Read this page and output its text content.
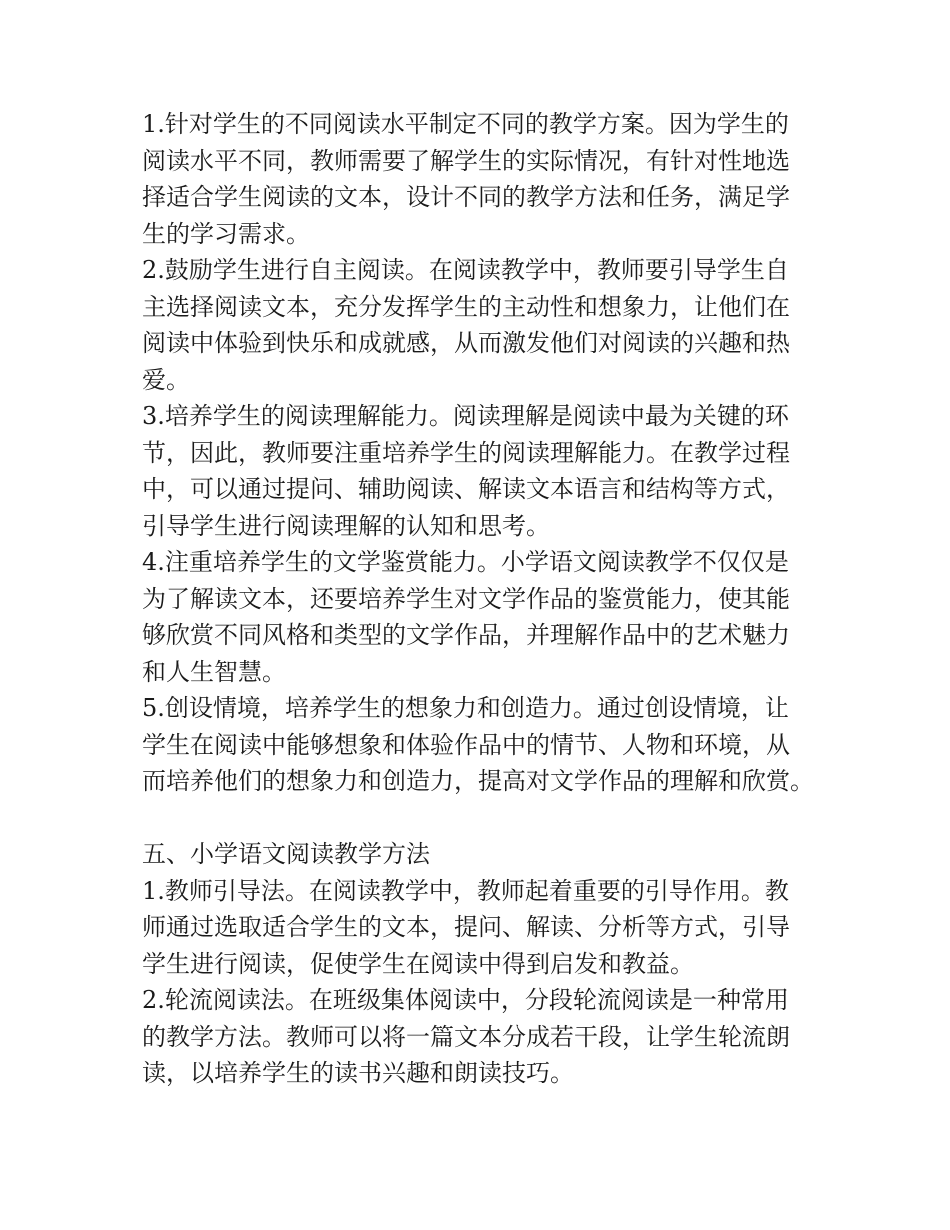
1.针对学生的不同阅读水平制定不同的教学方案。因为学生的
阅读水平不同，教师需要了解学生的实际情况，有针对性地选
择适合学生阅读的文本，设计不同的教学方法和任务，满足学
生的学习需求。
2.鼓励学生进行自主阅读。在阅读教学中，教师要引导学生自
主选择阅读文本，充分发挥学生的主动性和想象力，让他们在
阅读中体验到快乐和成就感，从而激发他们对阅读的兴趣和热
爱。
3.培养学生的阅读理解能力。阅读理解是阅读中最为关键的环
节，因此，教师要注重培养学生的阅读理解能力。在教学过程
中，可以通过提问、辅助阅读、解读文本语言和结构等方式，
引导学生进行阅读理解的认知和思考。
4.注重培养学生的文学鉴赏能力。小学语文阅读教学不仅仅是
为了解读文本，还要培养学生对文学作品的鉴赏能力，使其能
够欣赏不同风格和类型的文学作品，并理解作品中的艺术魅力
和人生智慧。
5.创设情境，培养学生的想象力和创造力。通过创设情境，让
学生在阅读中能够想象和体验作品中的情节、人物和环境，从
而培养他们的想象力和创造力，提高对文学作品的理解和欣赏。
五、小学语文阅读教学方法
1.教师引导法。在阅读教学中，教师起着重要的引导作用。教
师通过选取适合学生的文本，提问、解读、分析等方式，引导
学生进行阅读，促使学生在阅读中得到启发和教益。
2.轮流阅读法。在班级集体阅读中，分段轮流阅读是一种常用
的教学方法。教师可以将一篇文本分成若干段，让学生轮流朗
读，以培养学生的读书兴趣和朗读技巧。
